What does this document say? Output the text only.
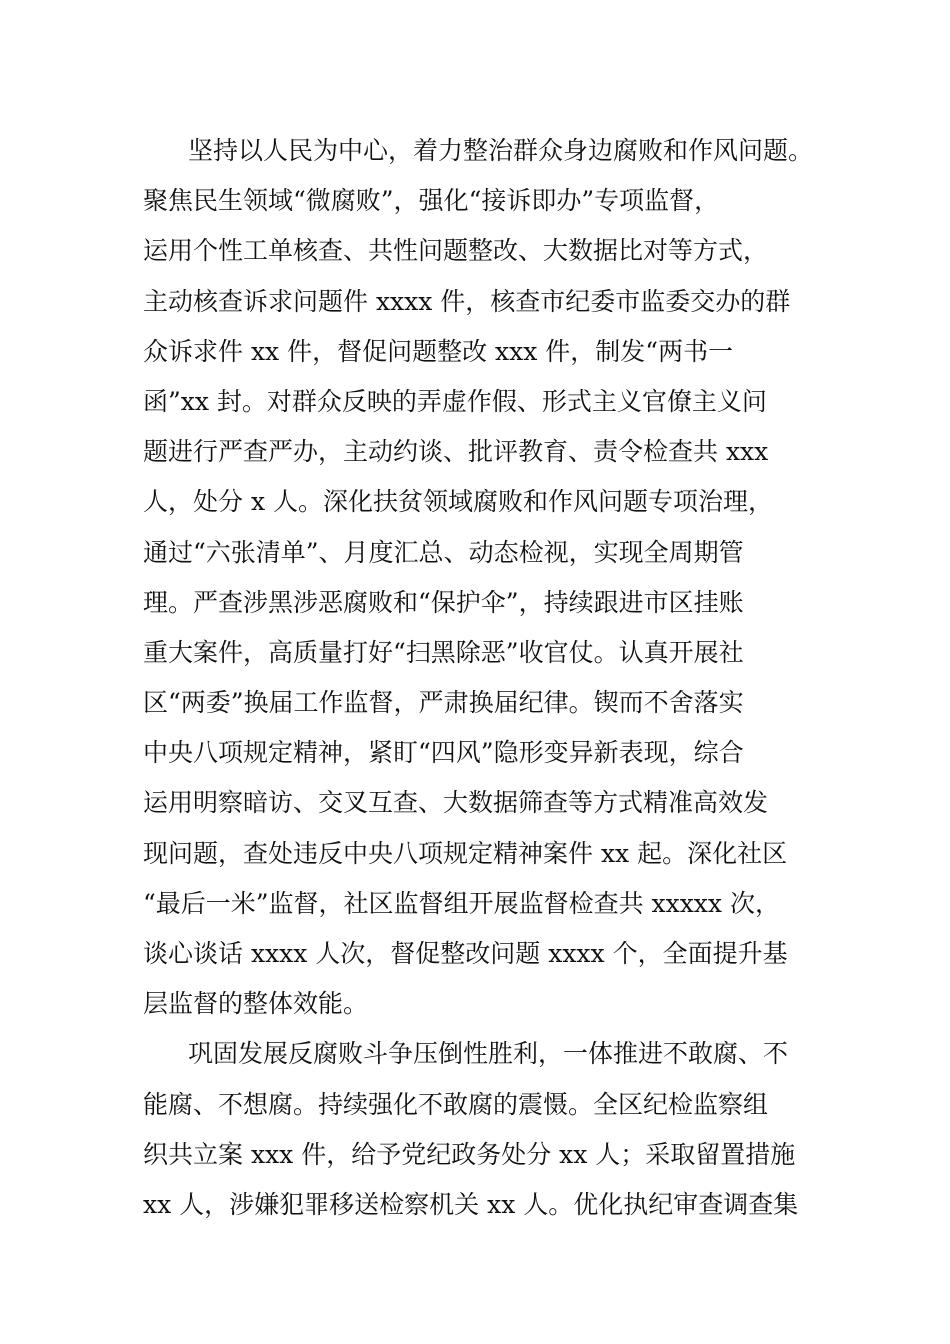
坚持以人民为中心，着力整治群众身边腐败和作风问题。
聚焦民生领域“微腐败”，强化“接诉即办”专项监督，
运用个性工单核查、共性问题整改、大数据比对等方式，
主动核查诉求问题件 xxxx 件，核查市纪委市监委交办的群
众诉求件 xx 件，督促问题整改 xxx 件，制发“两书一
函”xx 封。对群众反映的弄虚作假、形式主义官僚主义问
题进行严查严办，主动约谈、批评教育、责令检查共 xxx
人，处分 x 人。深化扶贫领域腐败和作风问题专项治理，
通过“六张清单”、月度汇总、动态检视，实现全周期管
理。严查涉黑涉恶腐败和“保护伞”，持续跟进市区挂账
重大案件，高质量打好“扫黑除恶”收官仗。认真开展社
区“两委”换届工作监督，严肃换届纪律。锲而不舍落实
中央八项规定精神，紧盯“四风”隐形变异新表现，综合
运用明察暗访、交叉互查、大数据筛查等方式精准高效发
现问题，查处违反中央八项规定精神案件 xx 起。深化社区
“最后一米”监督，社区监督组开展监督检查共 xxxxx 次，
谈心谈话 xxxx 人次，督促整改问题 xxxx 个，全面提升基
层监督的整体效能。
巩固发展反腐败斗争压倒性胜利，一体推进不敢腐、不
能腐、不想腐。持续强化不敢腐的震慑。全区纪检监察组
织共立案 xxx 件，给予党纪政务处分 xx 人；采取留置措施
xx 人，涉嫌犯罪移送检察机关 xx 人。优化执纪审查调查集
